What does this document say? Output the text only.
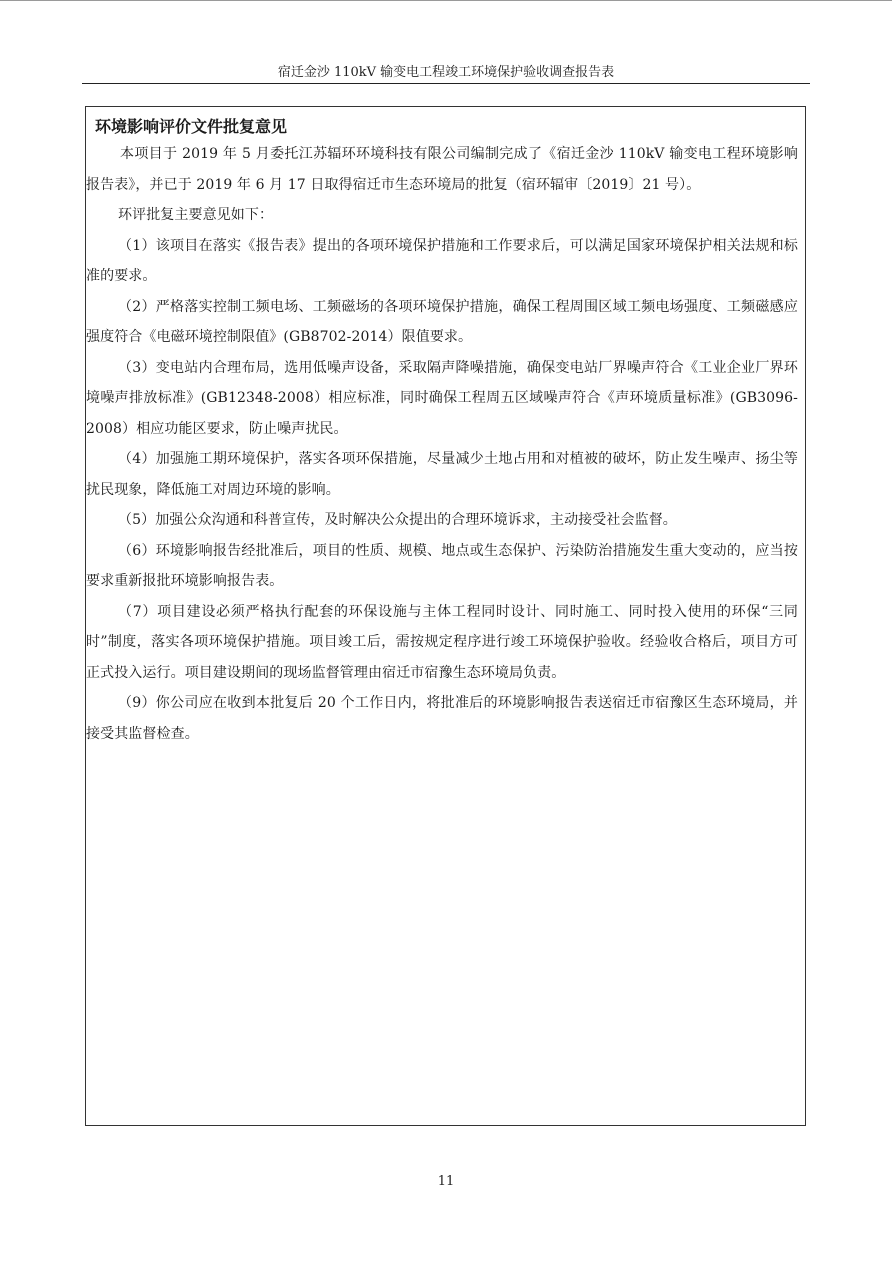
宿迁金沙 110kV 输变电工程竣工环境保护验收调查报告表
环境影响评价文件批复意见

本项目于 2019 年 5 月委托江苏辐环环境科技有限公司编制完成了《宿迁金沙 110kV 输变电工程环境影响报告表》，并已于 2019 年 6 月 17 日取得宿迁市生态环境局的批复（宿环辐审〔2019〕21 号）。

环评批复主要意见如下：

（1）该项目在落实《报告表》提出的各项环境保护措施和工作要求后，可以满足国家环境保护相关法规和标准的要求。

（2）严格落实控制工频电场、工频磁场的各项环境保护措施，确保工程周围区域工频电场强度、工频磁感应强度符合《电磁环境控制限值》(GB8702-2014）限值要求。

（3）变电站内合理布局，选用低噪声设备，采取隔声降噪措施，确保变电站厂界噪声符合《工业企业厂界环境噪声排放标准》(GB12348-2008）相应标准，同时确保工程周五区域噪声符合《声环境质量标准》(GB3096-2008）相应功能区要求，防止噪声扰民。

（4）加强施工期环境保护，落实各项环保措施，尽量减少土地占用和对植被的破坏，防止发生噪声、扬尘等扰民现象，降低施工对周边环境的影响。

（5）加强公众沟通和科普宣传，及时解决公众提出的合理环境诉求，主动接受社会监督。

（6）环境影响报告经批准后，项目的性质、规模、地点或生态保护、污染防治措施发生重大变动的，应当按要求重新报批环境影响报告表。

（7）项目建设必须严格执行配套的环保设施与主体工程同时设计、同时施工、同时投入使用的环保“三同时”制度，落实各项环境保护措施。项目竣工后，需按规定程序进行竣工环境保护验收。经验收合格后，项目方可正式投入运行。项目建设期间的现场监督管理由宿迁市宿豫生态环境局负责。

（9）你公司应在收到本批复后 20 个工作日内，将批准后的环境影响报告表送宿迁市宿豫区生态环境局，并接受其监督检查。

11
